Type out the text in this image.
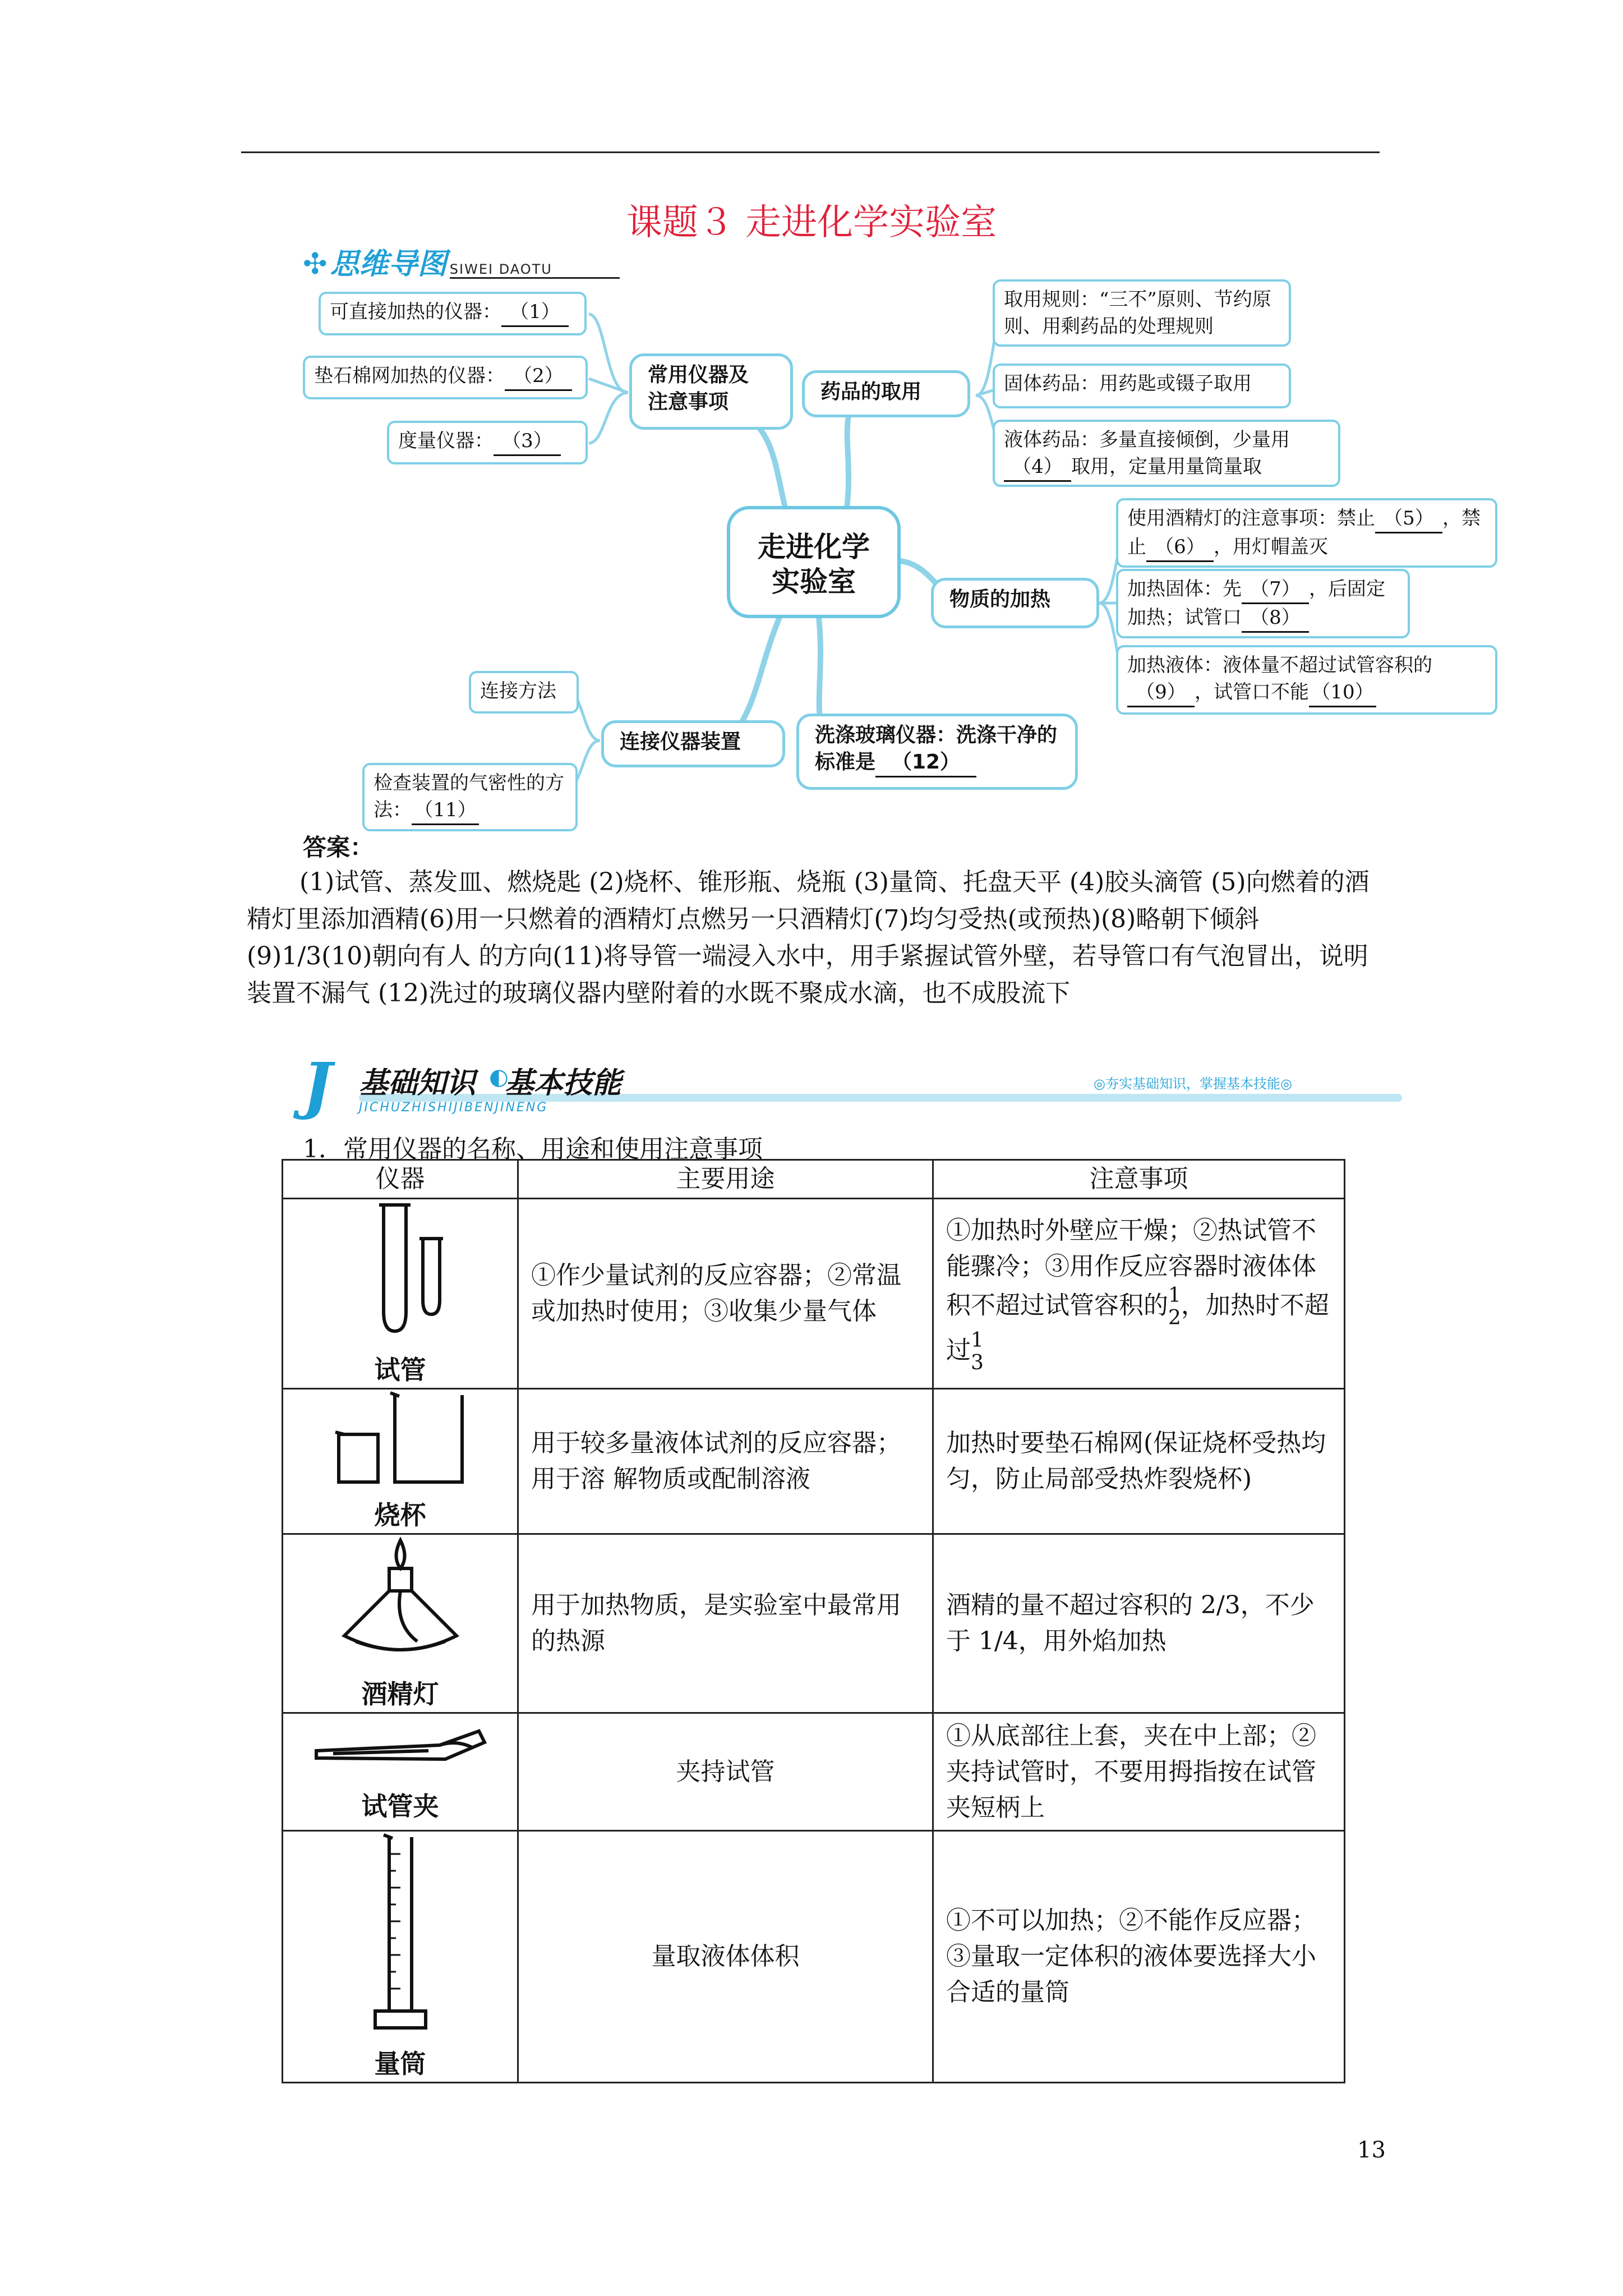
课题３ 走进化学实验室
✣ 思维导图 SIWEI DAOTU
常用仪器及
注意事项
可直接加热的仪器： （1）
垫石棉网加热的仪器： （2）
度量仪器： （3）
药品的取用
取用规则：“三不”原则、节约原则、用剩药品的处理规则
固体药品：用药匙或镊子取用
液体药品：多量直接倾倒，少量用
（4） 取用，定量用量筒量取
走进化学
实验室
物质的加热
使用酒精灯的注意事项：禁止 （5） ，禁止 （6） ，用灯帽盖灭
加热固体：先 （7） ，后固定加热；试管口 （8）
加热液体：液体量不超过试管容积的（9） ，试管口不能 （10）
连接仪器装置
连接方法
检查装置的气密性的方法： （11）
洗涤玻璃仪器：洗涤干净的标准是 （12）
答案：
(1)试管、蒸发皿、燃烧匙 (2)烧杯、锥形瓶、烧瓶 (3)量筒、托盘天平 (4)胶头滴管 (5)向燃着的酒精灯里添加酒精(6)用一只燃着的酒精灯点燃另一只酒精灯(7)均匀受热(或预热)(8)略朝下倾斜(9)1/3(10)朝向有人 的方向(11)将导管一端浸入水中，用手紧握试管外壁，若导管口有气泡冒出，说明装置不漏气 (12)洗过的玻璃仪器内壁附着的水既不聚成水滴，也不成股流下
J 基础知识 ◐
基本技能
JICHUZHISHIJIBENJINENG
◎夯实基础知识，掌握基本技能◎
1．常用仪器的名称、用途和使用注意事项
仪器	主要用途	注意事项

试管	①作少量试剂的反应容器；②常温或加热时使用；③收集少量气体	①加热时外壁应干燥；②热试管不能骤冷；③用作反应容器时液体体积不超过试管容积的1
2，加热时不超过1
3

烧杯	用于较多量液体试剂的反应容器；用于溶 解物质或配制溶液	加热时要垫石棉网(保证烧杯受热均匀，防止局部受热炸裂烧杯)

酒精灯	用于加热物质，是实验室中最常用的热源	酒精的量不超过容积的 2/3，不少于 1/4，用外焰加热

试管夹	夹持试管	①从底部往上套，夹在中上部；②夹持试管时，不要用拇指按在试管夹短柄上

量筒	量取液体体积	①不可以加热；②不能作反应器；③量取一定体积的液体要选择大小合适的量筒
13
